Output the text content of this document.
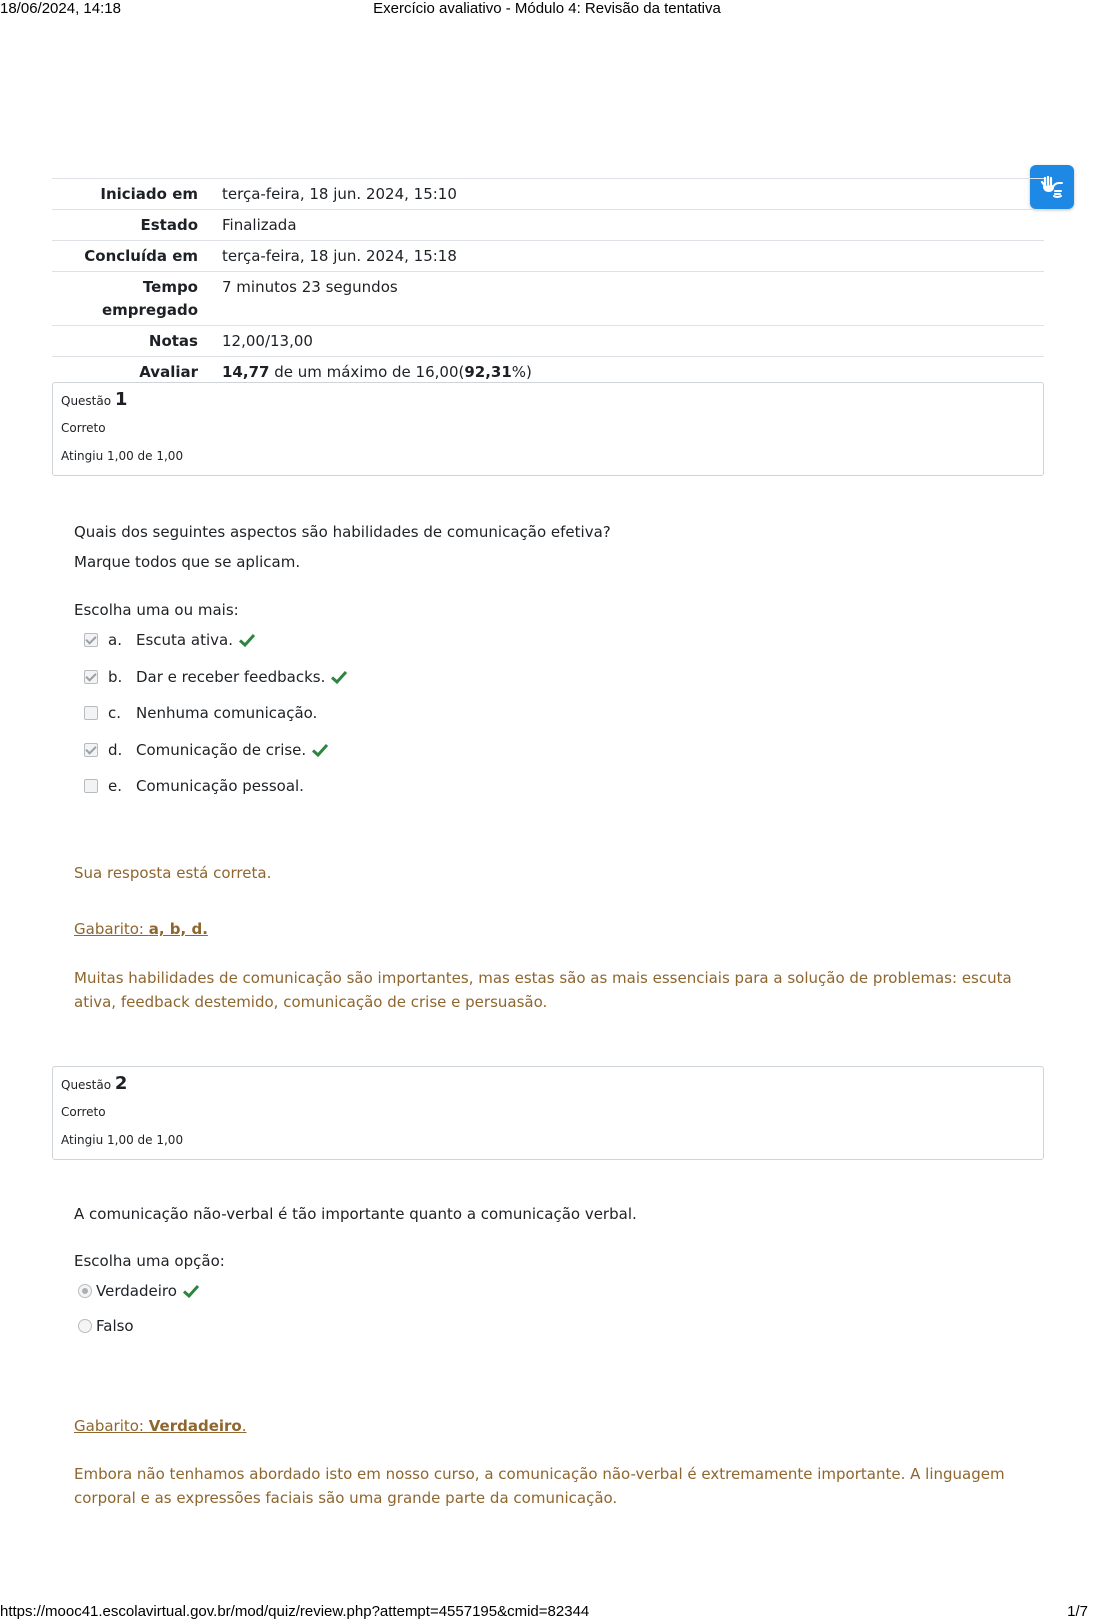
18/06/2024, 14:18	Exercício avaliativo - Módulo 4: Revisão da tentativa
Iniciado em	terça-feira, 18 jun. 2024, 15:10
Estado	Finalizada
Concluída em	terça-feira, 18 jun. 2024, 15:18
Tempo empregado	7 minutos 23 segundos
Notas	12,00/13,00
Avaliar	14,77 de um máximo de 16,00(92,31%)
Questão 1
Correto
Atingiu 1,00 de 1,00
Quais dos seguintes aspectos são habilidades de comunicação efetiva?
Marque todos que se aplicam.
Escolha uma ou mais:
a. Escuta ativa.
b. Dar e receber feedbacks.
c. Nenhuma comunicação.
d. Comunicação de crise.
e. Comunicação pessoal.
Sua resposta está correta.
Gabarito: a, b, d.
Muitas habilidades de comunicação são importantes, mas estas são as mais essenciais para a solução de problemas: escuta ativa, feedback destemido, comunicação de crise e persuasão.
Questão 2
Correto
Atingiu 1,00 de 1,00
A comunicação não-verbal é tão importante quanto a comunicação verbal.
Escolha uma opção:
Verdadeiro
Falso
Gabarito: Verdadeiro.
Embora não tenhamos abordado isto em nosso curso, a comunicação não-verbal é extremamente importante. A linguagem corporal e as expressões faciais são uma grande parte da comunicação.
https://mooc41.escolavirtual.gov.br/mod/quiz/review.php?attempt=4557195&cmid=82344	1/7
